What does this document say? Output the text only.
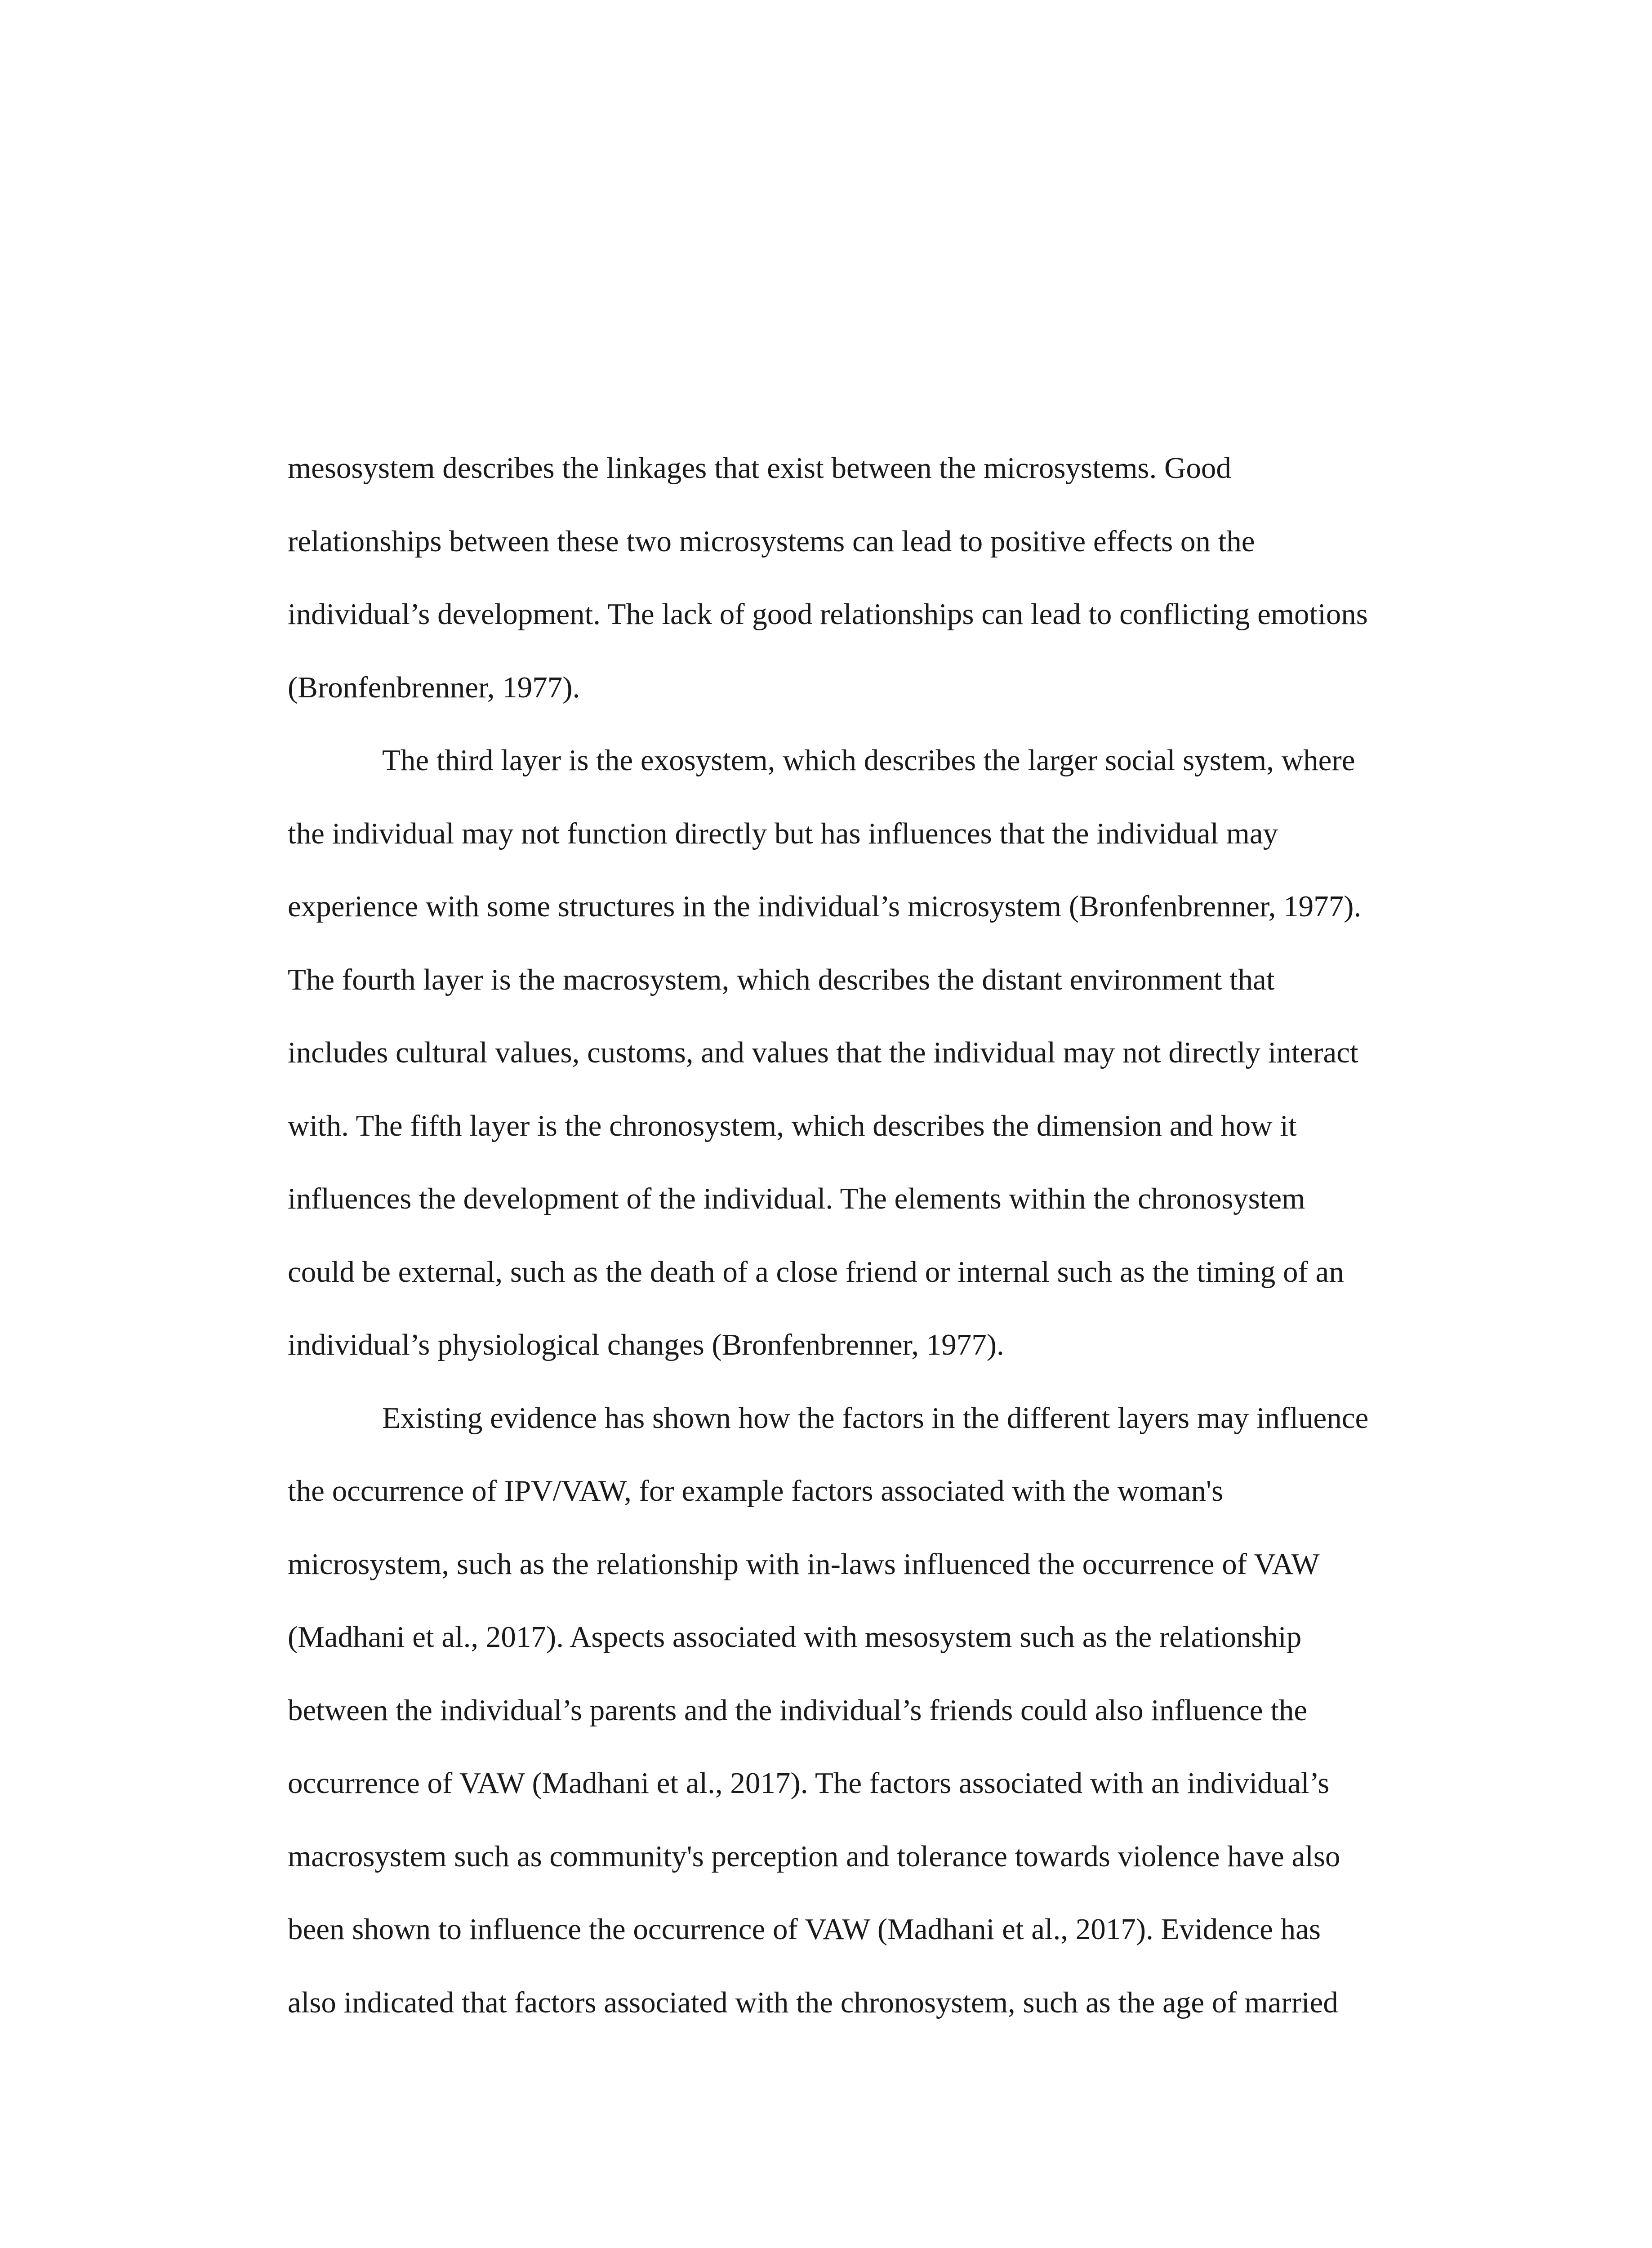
mesosystem describes the linkages that exist between the microsystems. Good
relationships between these two microsystems can lead to positive effects on the
individual’s development. The lack of good relationships can lead to conflicting emotions
(Bronfenbrenner, 1977).
The third layer is the exosystem, which describes the larger social system, where
the individual may not function directly but has influences that the individual may
experience with some structures in the individual’s microsystem (Bronfenbrenner, 1977).
The fourth layer is the macrosystem, which describes the distant environment that
includes cultural values, customs, and values that the individual may not directly interact
with. The fifth layer is the chronosystem, which describes the dimension and how it
influences the development of the individual. The elements within the chronosystem
could be external, such as the death of a close friend or internal such as the timing of an
individual’s physiological changes (Bronfenbrenner, 1977).
Existing evidence has shown how the factors in the different layers may influence
the occurrence of IPV/VAW, for example factors associated with the woman's
microsystem, such as the relationship with in-laws influenced the occurrence of VAW
(Madhani et al., 2017). Aspects associated with mesosystem such as the relationship
between the individual’s parents and the individual’s friends could also influence the
occurrence of VAW (Madhani et al., 2017). The factors associated with an individual’s
macrosystem such as community's perception and tolerance towards violence have also
been shown to influence the occurrence of VAW (Madhani et al., 2017). Evidence has
also indicated that factors associated with the chronosystem, such as the age of married
